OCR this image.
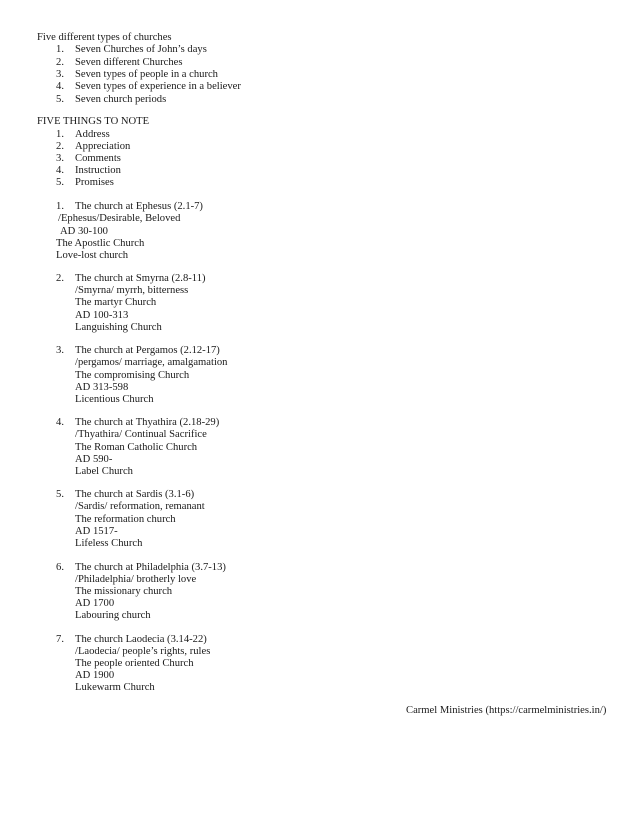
Five different types of churches
1. Seven Churches of John’s days
2. Seven different Churches
3. Seven types of people in a church
4. Seven types of experience in a believer
5. Seven church periods
FIVE THINGS TO NOTE
1. Address
2. Appreciation
3. Comments
4. Instruction
5. Promises
1. The church at Ephesus (2.1-7)
/Ephesus/Desirable, Beloved
AD 30-100
The Apostlic Church
Love-lost church
2. The church at Smyrna (2.8-11)
/Smyrna/ myrrh, bitterness
The martyr Church
AD 100-313
Languishing Church
3. The church at Pergamos (2.12-17)
/pergamos/ marriage, amalgamation
The compromising Church
AD 313-598
Licentious Church
4. The church at Thyathira (2.18-29)
/Thyathira/ Continual Sacrifice
The Roman Catholic Church
AD 590-
Label Church
5. The church at Sardis (3.1-6)
/Sardis/ reformation, remanant
The reformation church
AD 1517-
Lifeless Church
6. The church at Philadelphia (3.7-13)
/Philadelphia/ brotherly love
The missionary church
AD 1700
Labouring church
7. The church Laodecia (3.14-22)
/Laodecia/ people’s rights, rules
The people oriented Church
AD 1900
Lukewarm Church
Carmel Ministries (https://carmelministries.in/)
